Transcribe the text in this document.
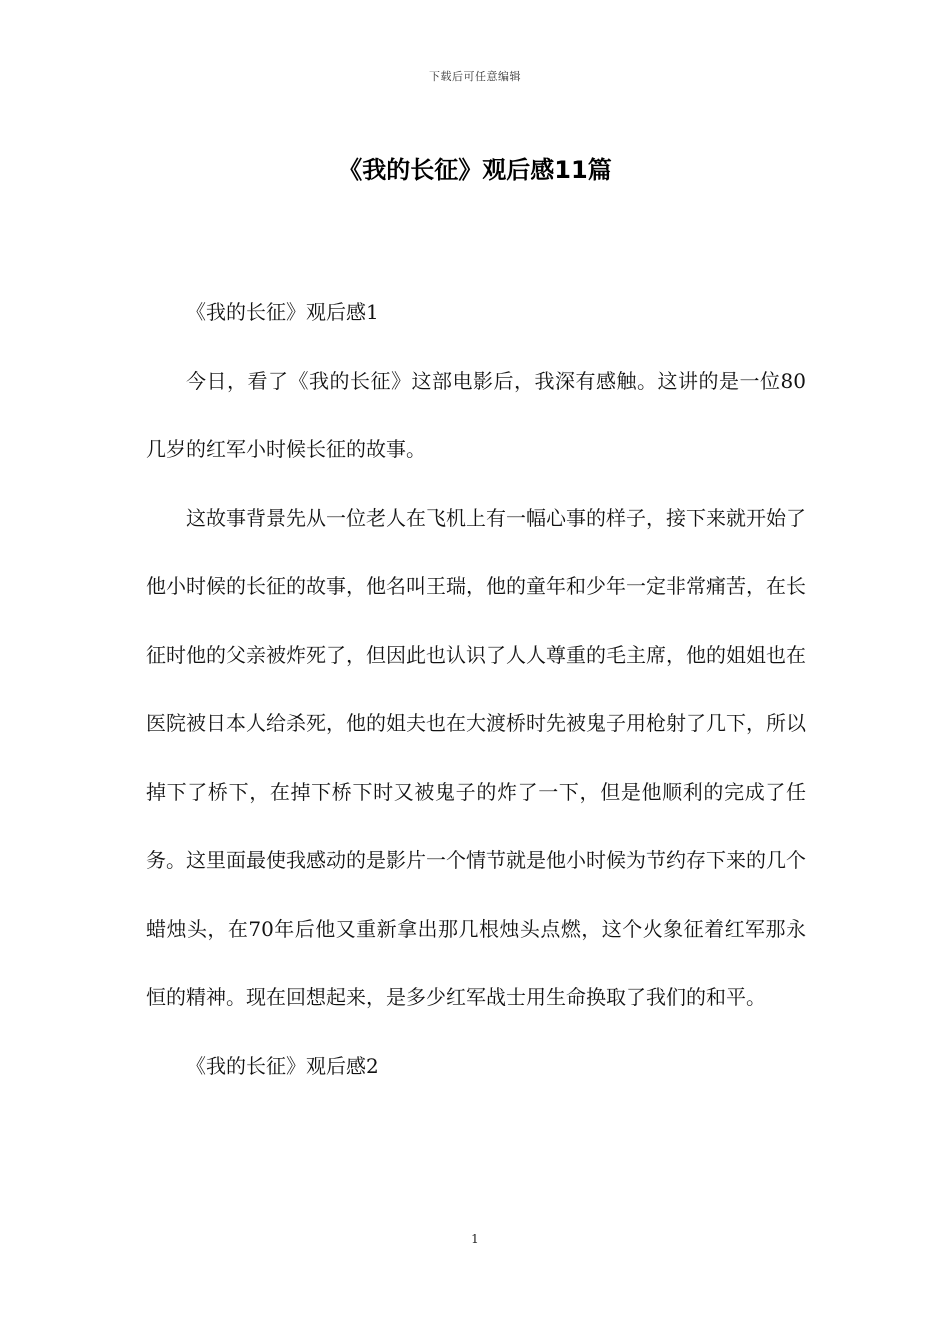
下载后可任意编辑
《我的长征》观后感11篇

《我的长征》观后感1

今日，看了《我的长征》这部电影后，我深有感触。这讲的是一位80几岁的红军小时候长征的故事。

这故事背景先从一位老人在飞机上有一幅心事的样子，接下来就开始了他小时候的长征的故事，他名叫王瑞，他的童年和少年一定非常痛苦，在长征时他的父亲被炸死了，但因此也认识了人人尊重的毛主席，他的姐姐也在医院被日本人给杀死，他的姐夫也在大渡桥时先被鬼子用枪射了几下，所以掉下了桥下，在掉下桥下时又被鬼子的炸了一下，但是他顺利的完成了任务。这里面最使我感动的是影片一个情节就是他小时候为节约存下来的几个蜡烛头，在70年后他又重新拿出那几根烛头点燃，这个火象征着红军那永恒的精神。现在回想起来，是多少红军战士用生命换取了我们的和平。

《我的长征》观后感2

1
